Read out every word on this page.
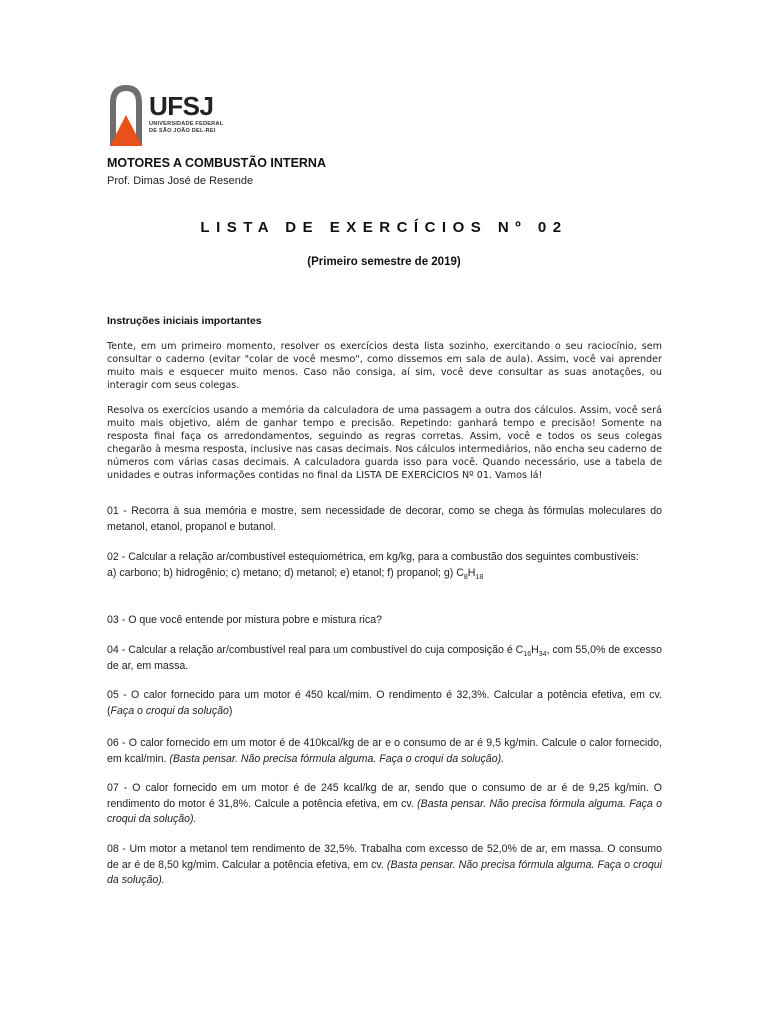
UFSJ
UNIVERSIDADE FEDERAL
DE SÃO JOÃO DEL-REI
MOTORES A COMBUSTÃO INTERNA
Prof. Dimas José de Resende
LISTA DE EXERCÍCIOS Nº 02
(Primeiro semestre de 2019)
Instruções iniciais importantes
Tente, em um primeiro momento, resolver os exercícios desta lista sozinho, exercitando o seu raciocínio, sem consultar o caderno (evitar "colar de você mesmo", como dissemos em sala de aula). Assim, você vai aprender muito mais e esquecer muito menos. Caso não consiga, aí sim, você deve consultar as suas anotações, ou interagir com seus colegas.
Resolva os exercícios usando a memória da calculadora de uma passagem a outra dos cálculos. Assim, você será muito mais objetivo, além de ganhar tempo e precisão. Repetindo: ganhará tempo e precisão! Somente na resposta final faça os arredondamentos, seguindo as regras corretas. Assim, você e todos os seus colegas chegarão à mesma resposta, inclusive nas casas decimais. Nos cálculos intermediários, não encha seu caderno de números com várias casas decimais. A calculadora guarda isso para você. Quando necessário, use a tabela de unidades e outras informações contidas no final da LISTA DE EXERCÍCIOS Nº 01. Vamos lá!
01 - Recorra à sua memória e mostre, sem necessidade de decorar, como se chega às fórmulas moleculares do metanol, etanol, propanol e butanol.
02 - Calcular a relação ar/combustível estequiométrica, em kg/kg, para a combustão dos seguintes combustíveis:
a) carbono; b) hidrogênio; c) metano; d) metanol; e) etanol; f) propanol; g) $C_8H_{18}$
03 - O que você entende por mistura pobre e mistura rica?
04 - Calcular a relação ar/combustível real para um combustível do cuja composição é $C_{16}H_{34}$, com 55,0% de excesso de ar, em massa.
05 - O calor fornecido para um motor é 450 kcal/mim. O rendimento é 32,3%. Calcular a potência efetiva, em cv. (Faça o croqui da solução)
06 - O calor fornecido em um motor é de 410kcal/kg de ar e o consumo de ar é 9,5 kg/min. Calcule o calor fornecido, em kcal/min. (Basta pensar. Não precisa fórmula alguma. Faça o croqui da solução).
07 - O calor fornecido em um motor é de 245 kcal/kg de ar, sendo que o consumo de ar é de 9,25 kg/min. O rendimento do motor é 31,8%. Calcule a potência efetiva, em cv. (Basta pensar. Não precisa fórmula alguma. Faça o croqui da solução).
08 - Um motor a metanol tem rendimento de 32,5%. Trabalha com excesso de 52,0% de ar, em massa. O consumo de ar é de 8,50 kg/mim. Calcular a potência efetiva, em cv. (Basta pensar. Não precisa fórmula alguma. Faça o croqui da solução).
